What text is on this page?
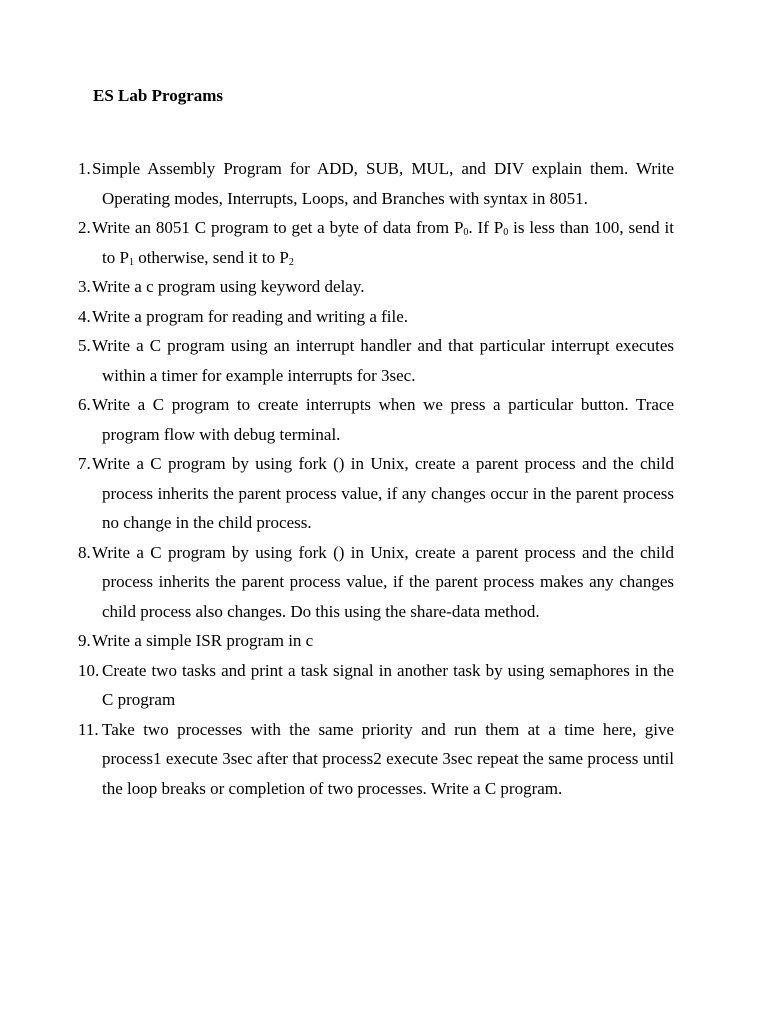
ES Lab Programs
1. Simple Assembly Program for ADD, SUB, MUL, and DIV explain them. Write Operating modes, Interrupts, Loops, and Branches with syntax in 8051.
2. Write an 8051 C program to get a byte of data from $P_0$. If $P_0$ is less than 100, send it to $P_1$ otherwise, send it to $P_2$
3. Write a c program using keyword delay.
4. Write a program for reading and writing a file.
5. Write a C program using an interrupt handler and that particular interrupt executes within a timer for example interrupts for 3sec.
6. Write a C program to create interrupts when we press a particular button. Trace program flow with debug terminal.
7. Write a C program by using fork () in Unix, create a parent process and the child process inherits the parent process value, if any changes occur in the parent process no change in the child process.
8. Write a C program by using fork () in Unix, create a parent process and the child process inherits the parent process value, if the parent process makes any changes child process also changes. Do this using the share-data method.
9. Write a simple ISR program in c
10. Create two tasks and print a task signal in another task by using semaphores in the C program
11. Take two processes with the same priority and run them at a time here, give process1 execute 3sec after that process2 execute 3sec repeat the same process until the loop breaks or completion of two processes. Write a C program.
